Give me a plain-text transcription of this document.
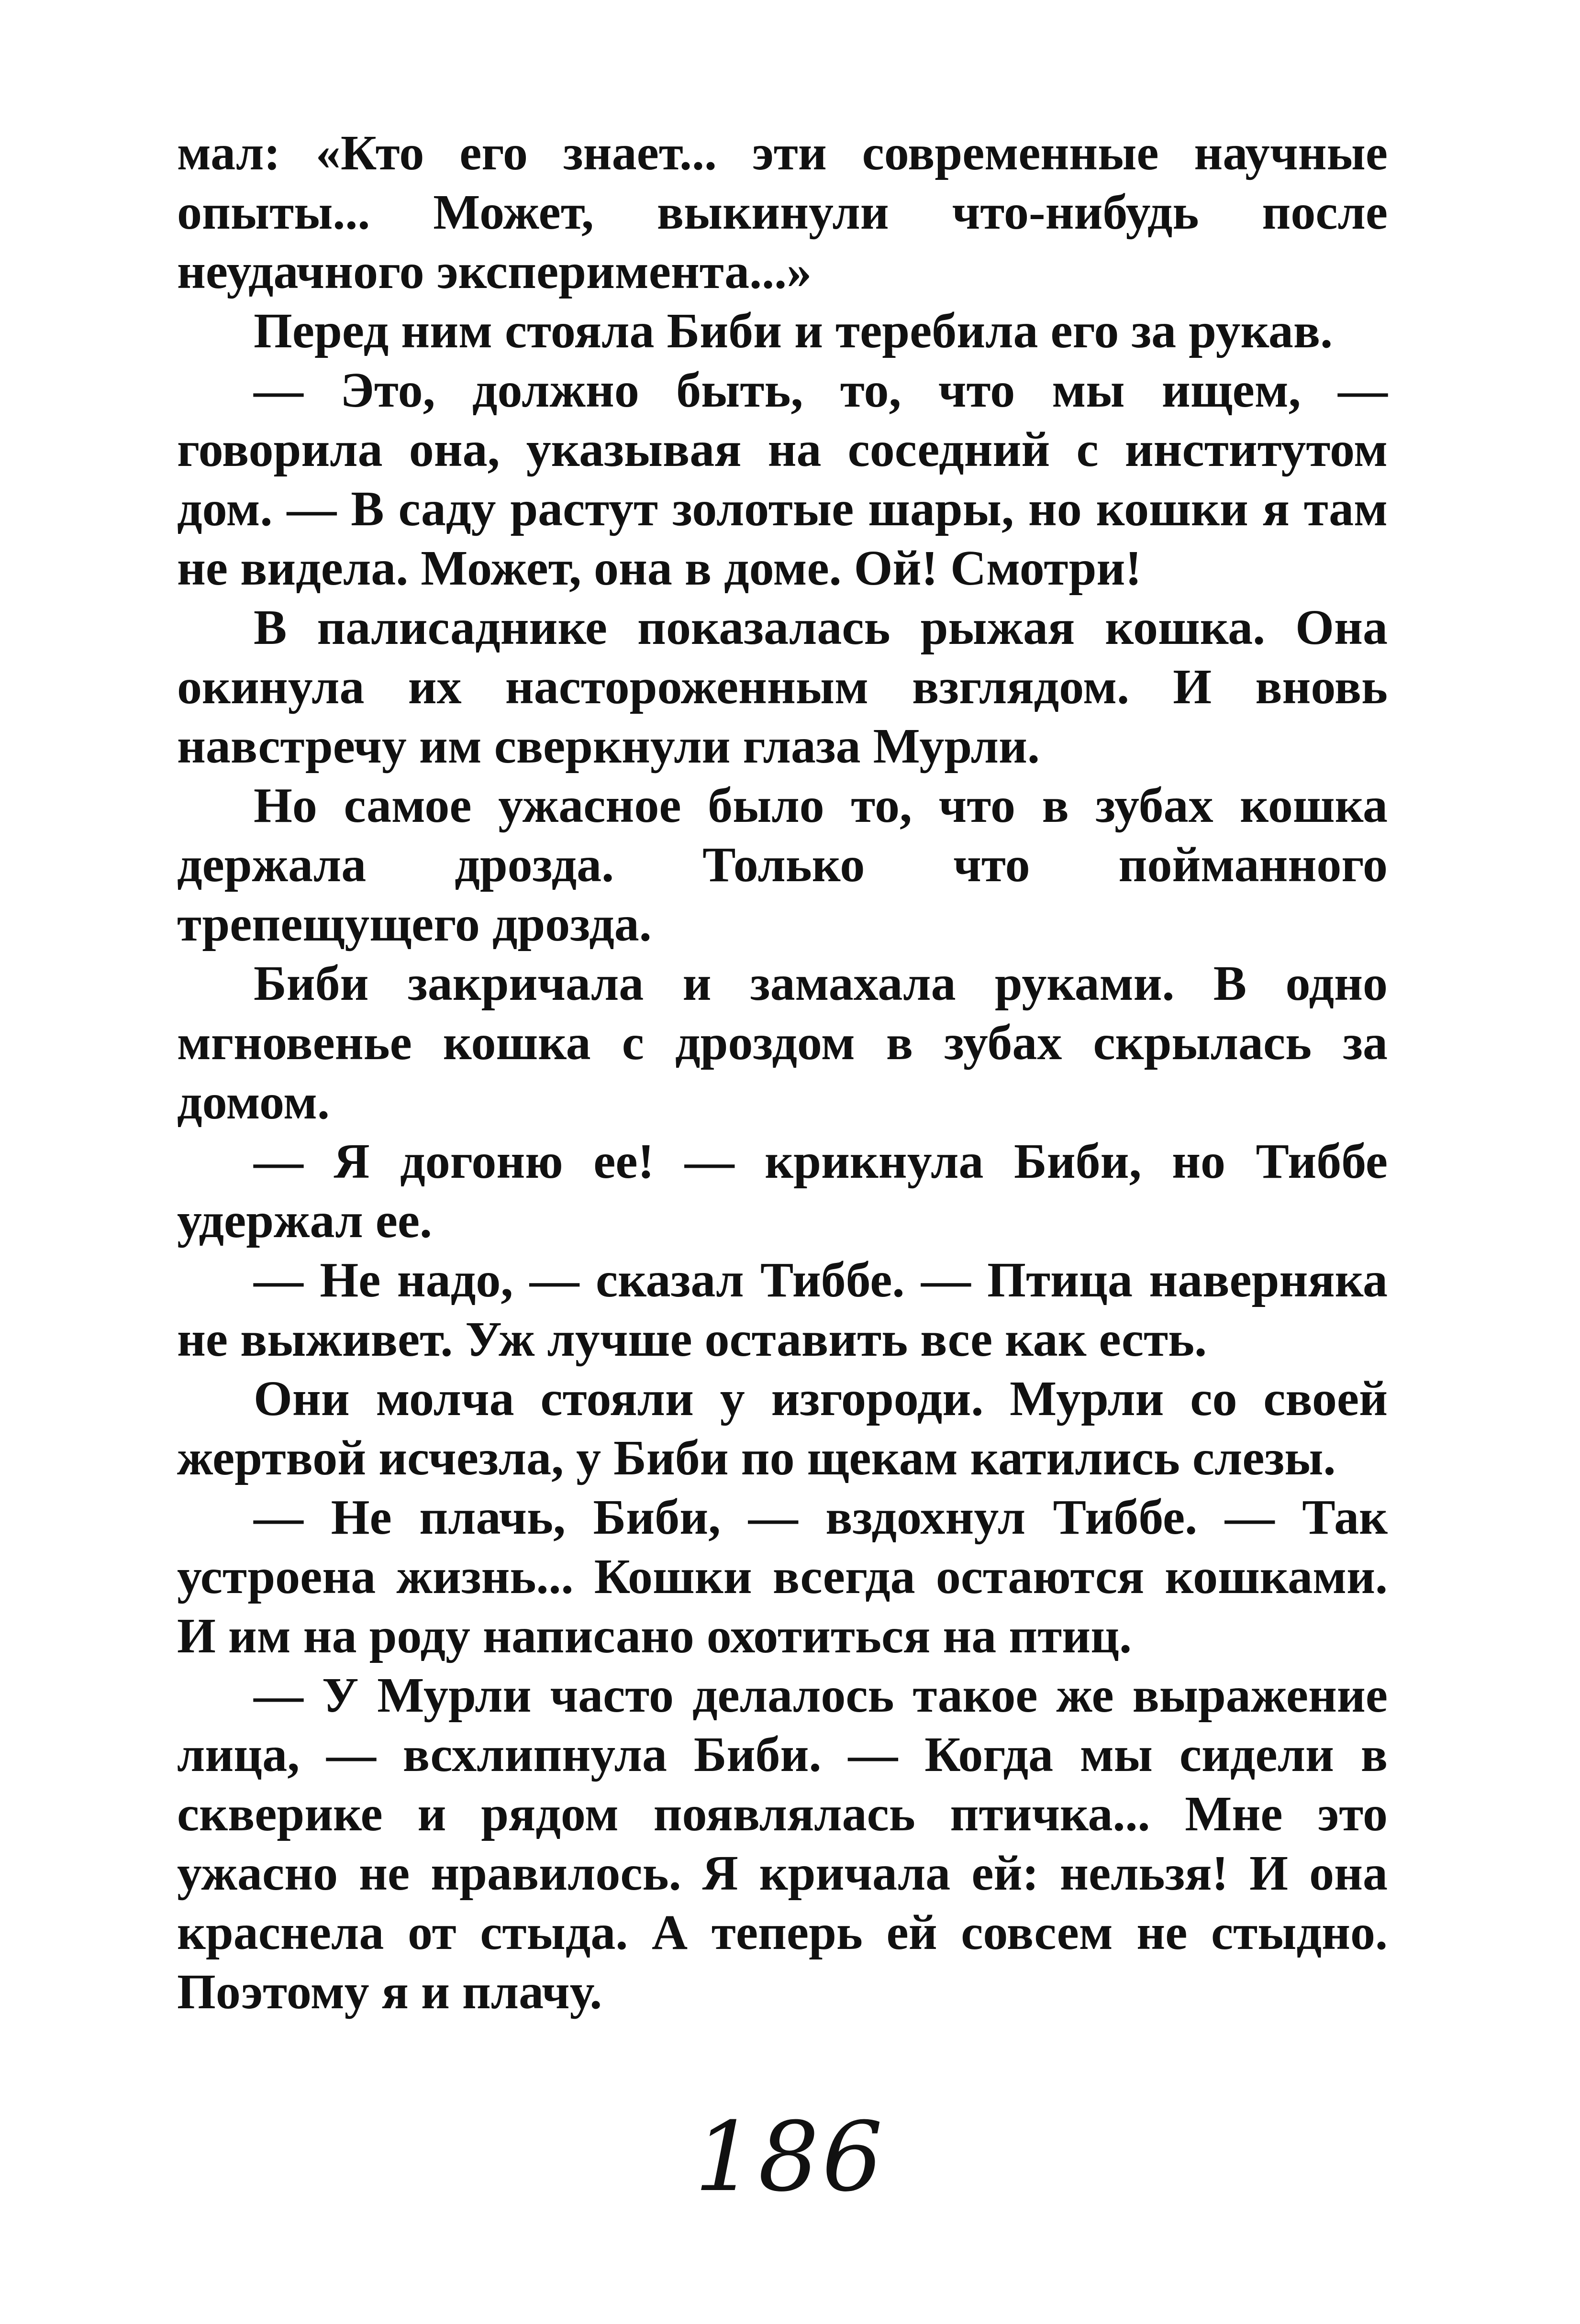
мал: «Кто его знает... эти современные научные опыты... Может, выкинули что-нибудь после неудачного эксперимента...»

Перед ним стояла Биби и теребила его за рукав.

— Это, должно быть, то, что мы ищем, — говорила она, указывая на соседний с институтом дом. — В саду растут золотые шары, но кошки я там не видела. Может, она в доме. Ой! Смотри!

В палисаднике показалась рыжая кошка. Она окинула их настороженным взглядом. И вновь навстречу им сверкнули глаза Мурли.

Но самое ужасное было то, что в зубах кошка держала дрозда. Только что пойманного трепещущего дрозда.

Биби закричала и замахала руками. В одно мгновенье кошка с дроздом в зубах скрылась за домом.

— Я догоню ее! — крикнула Биби, но Тиббе удержал ее.

— Не надо, — сказал Тиббе. — Птица наверняка не выживет. Уж лучше оставить все как есть.

Они молча стояли у изгороди. Мурли со своей жертвой исчезла, у Биби по щекам катились слезы.

— Не плачь, Биби, — вздохнул Тиббе. — Так устроена жизнь... Кошки всегда остаются кошками. И им на роду написано охотиться на птиц.

— У Мурли часто делалось такое же выражение лица, — всхлипнула Биби. — Когда мы сидели в скверике и рядом появлялась птичка... Мне это ужасно не нравилось. Я кричала ей: нельзя! И она краснела от стыда. А теперь ей совсем не стыдно. Поэтому я и плачу.

186
